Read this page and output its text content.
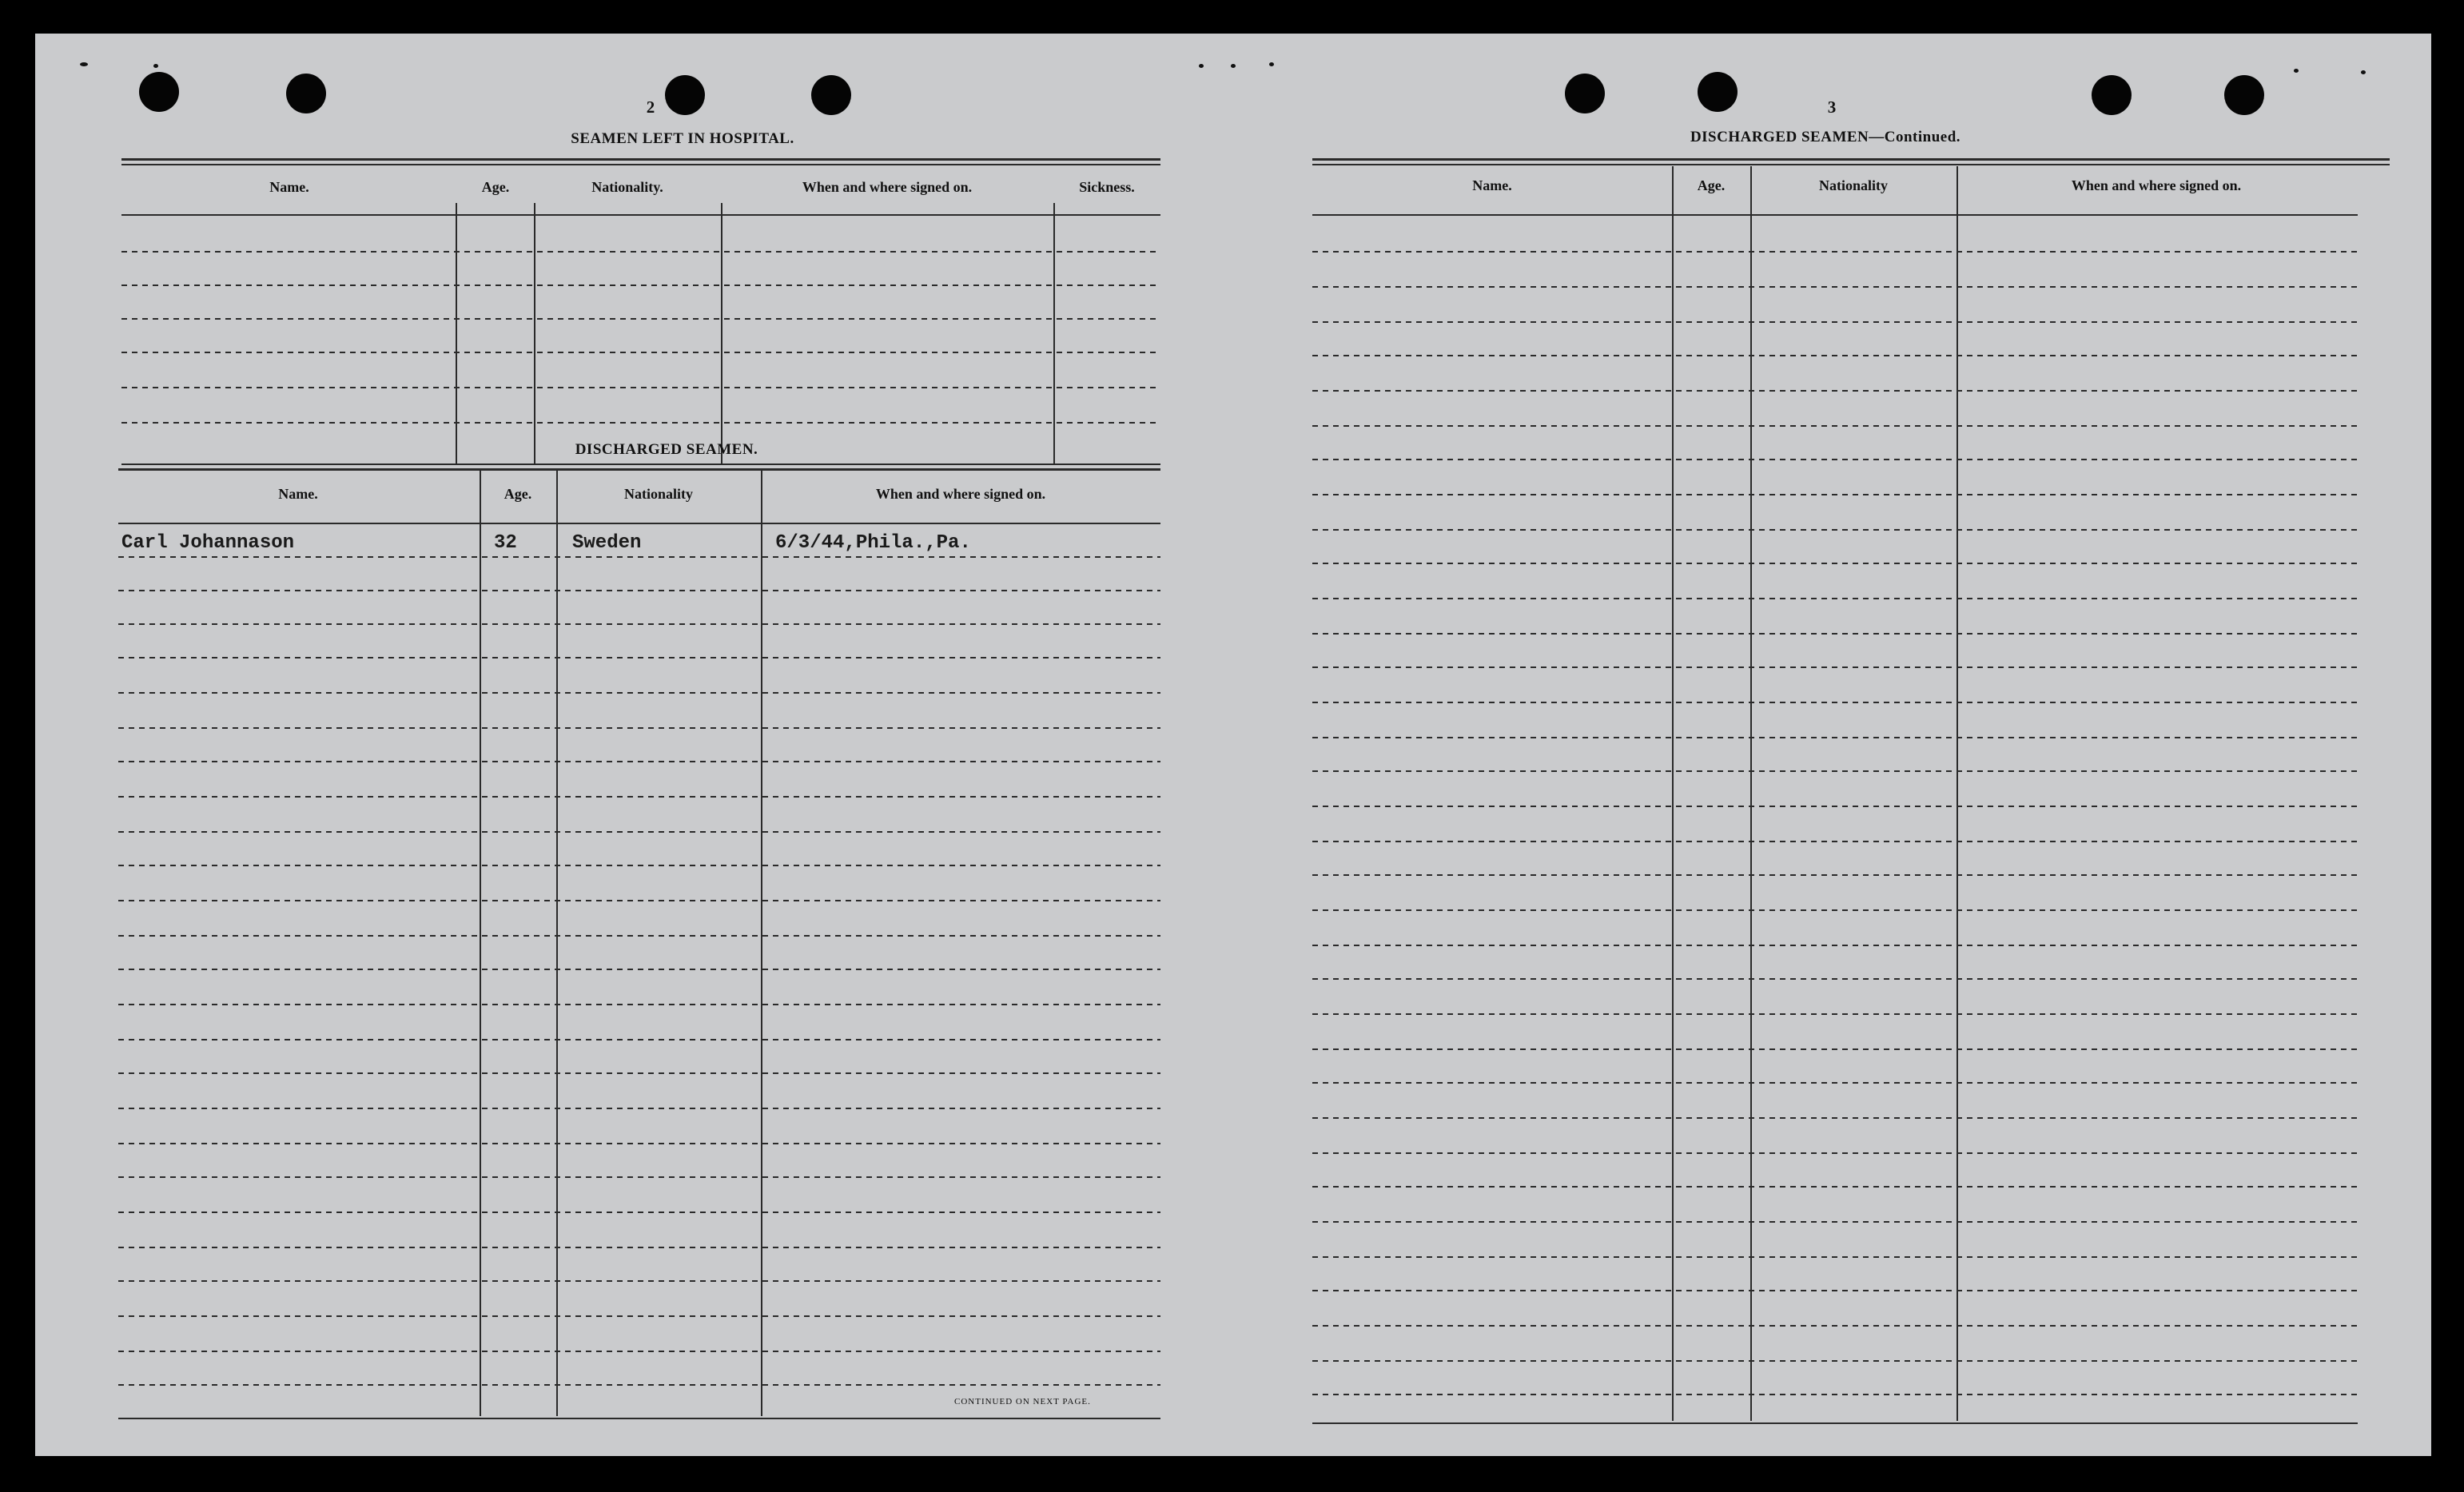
2
SEAMEN LEFT IN HOSPITAL.
Name.	Age.	Nationality.	When and where signed on.	Sickness.
DISCHARGED SEAMEN.
Name.	Age.	Nationality	When and where signed on.
Carl Johannason	32	Sweden	6/3/44,Phila.,Pa.
CONTINUED ON NEXT PAGE.
3
DISCHARGED SEAMEN—Continued.
Name.	Age.	Nationality	When and where signed on.
